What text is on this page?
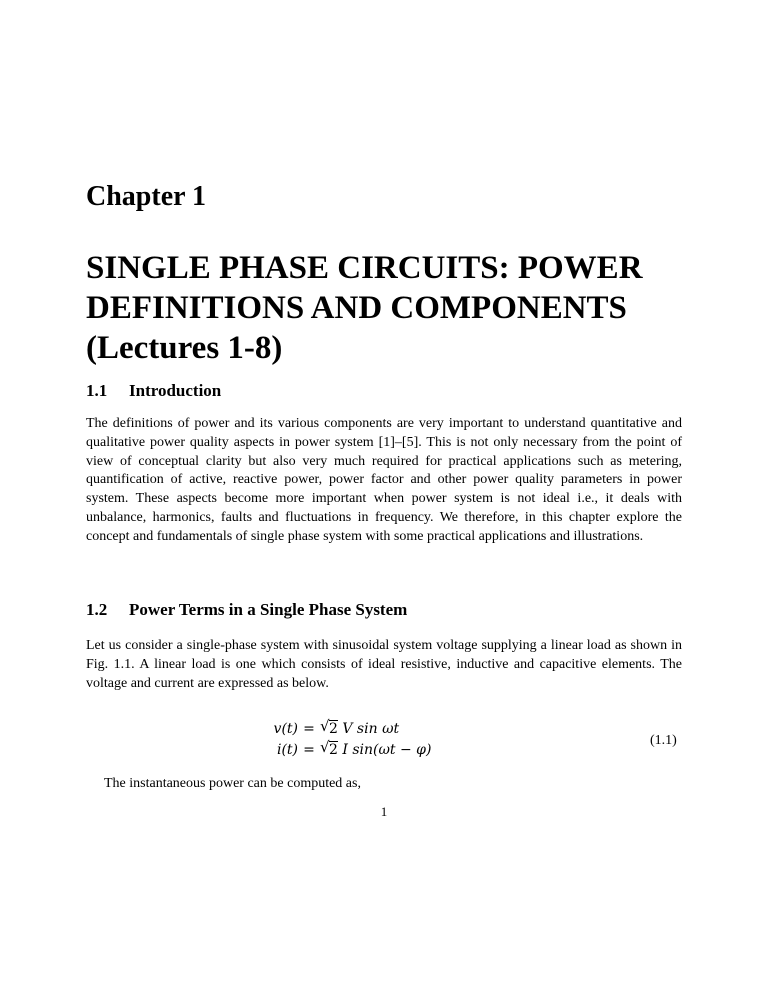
Chapter 1
SINGLE PHASE CIRCUITS: POWER DEFINITIONS AND COMPONENTS (Lectures 1-8)
1.1 Introduction

The definitions of power and its various components are very important to understand quantitative and qualitative power quality aspects in power system [1]–[5]. This is not only necessary from the point of view of conceptual clarity but also very much required for practical applications such as metering, quantification of active, reactive power, power factor and other power quality parameters in power system. These aspects become more important when power system is not ideal i.e., it deals with unbalance, harmonics, faults and fluctuations in frequency. We therefore, in this chapter explore the concept and fundamentals of single phase system with some practical applications and illustrations.

1.2 Power Terms in a Single Phase System

Let us consider a single-phase system with sinusoidal system voltage supplying a linear load as shown in Fig. 1.1. A linear load is one which consists of ideal resistive, inductive and capacitive elements. The voltage and current are expressed as below.

v(t) = √ 2 V sin ωt
i(t) = √ 2 I sin(ωt − φ)
(1.1)

The instantaneous power can be computed as,

1
